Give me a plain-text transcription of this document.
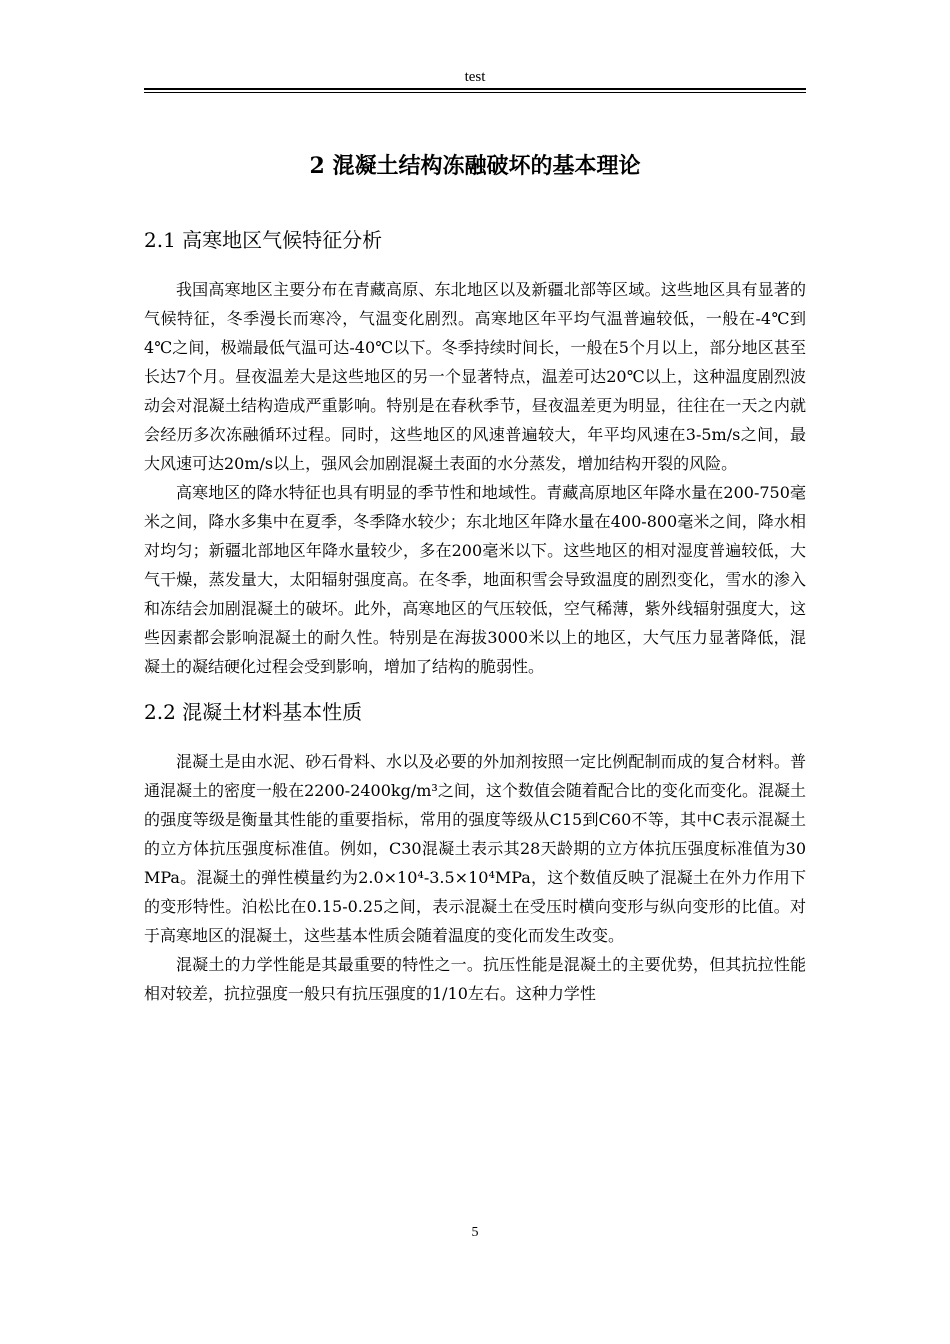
test
2 混凝土结构冻融破坏的基本理论
2.1 高寒地区气候特征分析

我国高寒地区主要分布在青藏高原、东北地区以及新疆北部等区域。这些地区具有显著的气候特征，冬季漫长而寒冷，气温变化剧烈。高寒地区年平均气温普遍较低，一般在-4℃到4℃之间，极端最低气温可达-40℃以下。冬季持续时间长，一般在5个月以上，部分地区甚至长达7个月。昼夜温差大是这些地区的另一个显著特点，温差可达20℃以上，这种温度剧烈波动会对混凝土结构造成严重影响。特别是在春秋季节，昼夜温差更为明显，往往在一天之内就会经历多次冻融循环过程。同时，这些地区的风速普遍较大，年平均风速在3-5m/s之间，最大风速可达20m/s以上，强风会加剧混凝土表面的水分蒸发，增加结构开裂的风险。

高寒地区的降水特征也具有明显的季节性和地域性。青藏高原地区年降水量在200-750毫米之间，降水多集中在夏季，冬季降水较少；东北地区年降水量在400-800毫米之间，降水相对均匀；新疆北部地区年降水量较少，多在200毫米以下。这些地区的相对湿度普遍较低，大气干燥，蒸发量大，太阳辐射强度高。在冬季，地面积雪会导致温度的剧烈变化，雪水的渗入和冻结会加剧混凝土的破坏。此外，高寒地区的气压较低，空气稀薄，紫外线辐射强度大，这些因素都会影响混凝土的耐久性。特别是在海拔3000米以上的地区，大气压力显著降低，混凝土的凝结硬化过程会受到影响，增加了结构的脆弱性。

2.2 混凝土材料基本性质

混凝土是由水泥、砂石骨料、水以及必要的外加剂按照一定比例配制而成的复合材料。普通混凝土的密度一般在2200-2400kg/m³之间，这个数值会随着配合比的变化而变化。混凝土的强度等级是衡量其性能的重要指标，常用的强度等级从C15到C60不等，其中C表示混凝土的立方体抗压强度标准值。例如，C30混凝土表示其28天龄期的立方体抗压强度标准值为30MPa。混凝土的弹性模量约为2.0×10⁴-3.5×10⁴MPa，这个数值反映了混凝土在外力作用下的变形特性。泊松比在0.15-0.25之间，表示混凝土在受压时横向变形与纵向变形的比值。对于高寒地区的混凝土，这些基本性质会随着温度的变化而发生改变。

混凝土的力学性能是其最重要的特性之一。抗压性能是混凝土的主要优势，但其抗拉性能相对较差，抗拉强度一般只有抗压强度的1/10左右。这种力学性

5
